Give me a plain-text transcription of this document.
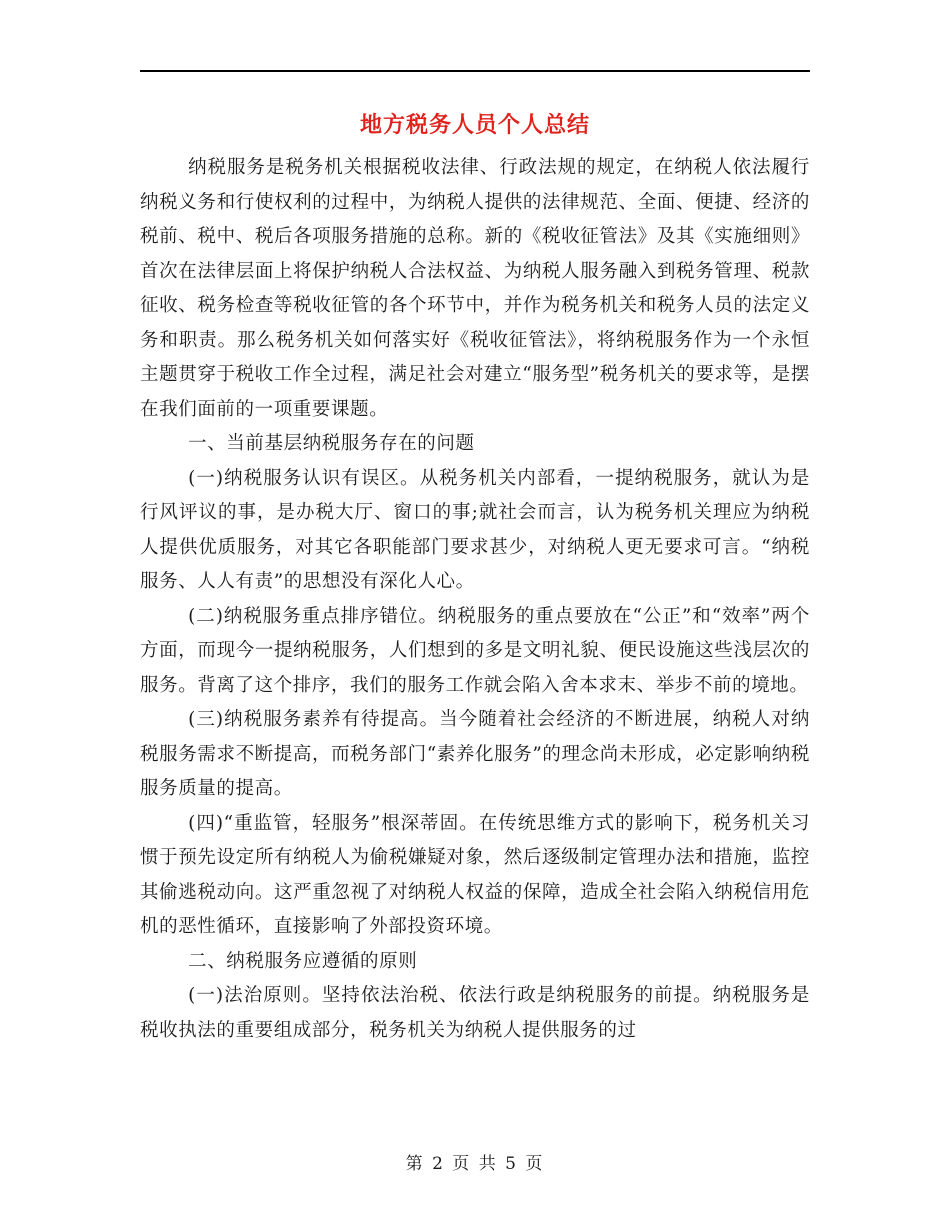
地方税务人员个人总结

纳税服务是税务机关根据税收法律、行政法规的规定，在纳税人依法履行纳税义务和行使权利的过程中，为纳税人提供的法律规范、全面、便捷、经济的税前、税中、税后各项服务措施的总称。新的《税收征管法》及其《实施细则》首次在法律层面上将保护纳税人合法权益、为纳税人服务融入到税务管理、税款征收、税务检查等税收征管的各个环节中，并作为税务机关和税务人员的法定义务和职责。那么税务机关如何落实好《税收征管法》，将纳税服务作为一个永恒主题贯穿于税收工作全过程，满足社会对建立“服务型”税务机关的要求等，是摆在我们面前的一项重要课题。

一、当前基层纳税服务存在的问题

(一)纳税服务认识有误区。从税务机关内部看，一提纳税服务，就认为是行风评议的事，是办税大厅、窗口的事;就社会而言，认为税务机关理应为纳税人提供优质服务，对其它各职能部门要求甚少，对纳税人更无要求可言。“纳税服务、人人有责”的思想没有深化人心。

(二)纳税服务重点排序错位。纳税服务的重点要放在“公正”和“效率”两个方面，而现今一提纳税服务，人们想到的多是文明礼貌、便民设施这些浅层次的服务。背离了这个排序，我们的服务工作就会陷入舍本求末、举步不前的境地。

(三)纳税服务素养有待提高。当今随着社会经济的不断进展，纳税人对纳税服务需求不断提高，而税务部门“素养化服务”的理念尚未形成，必定影响纳税服务质量的提高。

(四)“重监管，轻服务”根深蒂固。在传统思维方式的影响下，税务机关习惯于预先设定所有纳税人为偷税嫌疑对象，然后逐级制定管理办法和措施，监控其偷逃税动向。这严重忽视了对纳税人权益的保障，造成全社会陷入纳税信用危机的恶性循环，直接影响了外部投资环境。

二、纳税服务应遵循的原则

(一)法治原则。坚持依法治税、依法行政是纳税服务的前提。纳税服务是税收执法的重要组成部分，税务机关为纳税人提供服务的过

第 2 页 共 5 页
